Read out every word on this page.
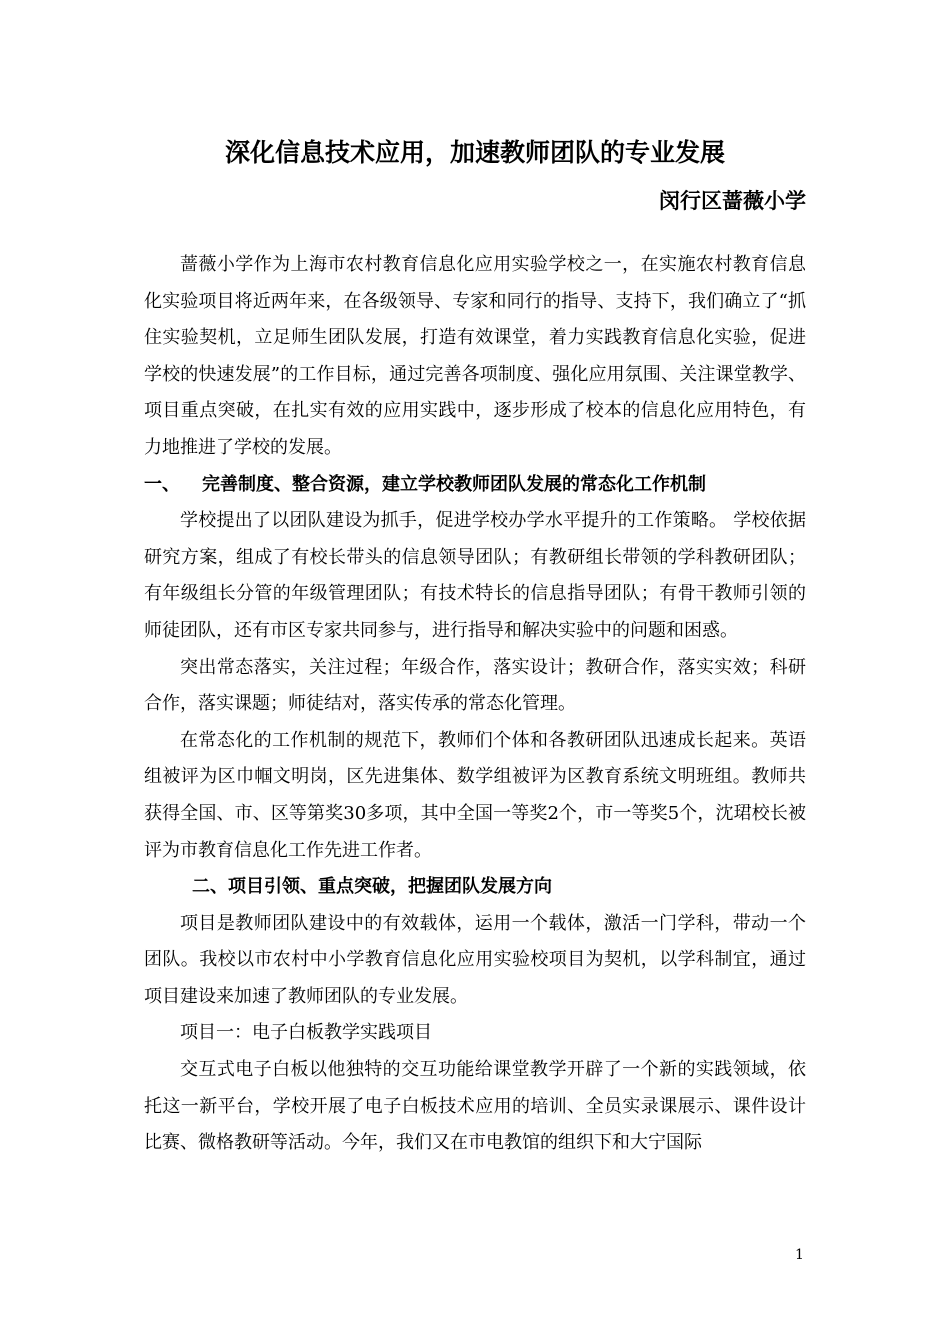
深化信息技术应用，加速教师团队的专业发展
闵行区蔷薇小学

蔷薇小学作为上海市农村教育信息化应用实验学校之一，在实施农村教育信息化实验项目将近两年来，在各级领导、专家和同行的指导、支持下，我们确立了“抓住实验契机，立足师生团队发展，打造有效课堂，着力实践教育信息化实验，促进学校的快速发展”的工作目标，通过完善各项制度、强化应用氛围、关注课堂教学、项目重点突破，在扎实有效的应用实践中，逐步形成了校本的信息化应用特色，有力地推进了学校的发展。

一、 完善制度、整合资源，建立学校教师团队发展的常态化工作机制

学校提出了以团队建设为抓手，促进学校办学水平提升的工作策略。 学校依据研究方案，组成了有校长带头的信息领导团队；有教研组长带领的学科教研团队；有年级组长分管的年级管理团队；有技术特长的信息指导团队；有骨干教师引领的师徒团队，还有市区专家共同参与，进行指导和解决实验中的问题和困惑。

突出常态落实，关注过程；年级合作，落实设计；教研合作，落实实效；科研合作，落实课题；师徒结对，落实传承的常态化管理。

在常态化的工作机制的规范下，教师们个体和各教研团队迅速成长起来。英语组被评为区巾帼文明岗，区先进集体、数学组被评为区教育系统文明班组。教师共获得全国、市、区等第奖30多项，其中全国一等奖2个，市一等奖5个，沈珺校长被评为市教育信息化工作先进工作者。

二、项目引领、重点突破，把握团队发展方向

项目是教师团队建设中的有效载体，运用一个载体，激活一门学科，带动一个团队。我校以市农村中小学教育信息化应用实验校项目为契机，以学科制宜，通过项目建设来加速了教师团队的专业发展。

项目一：电子白板教学实践项目

交互式电子白板以他独特的交互功能给课堂教学开辟了一个新的实践领域，依托这一新平台，学校开展了电子白板技术应用的培训、全员实录课展示、课件设计比赛、微格教研等活动。今年，我们又在市电教馆的组织下和大宁国际

1
